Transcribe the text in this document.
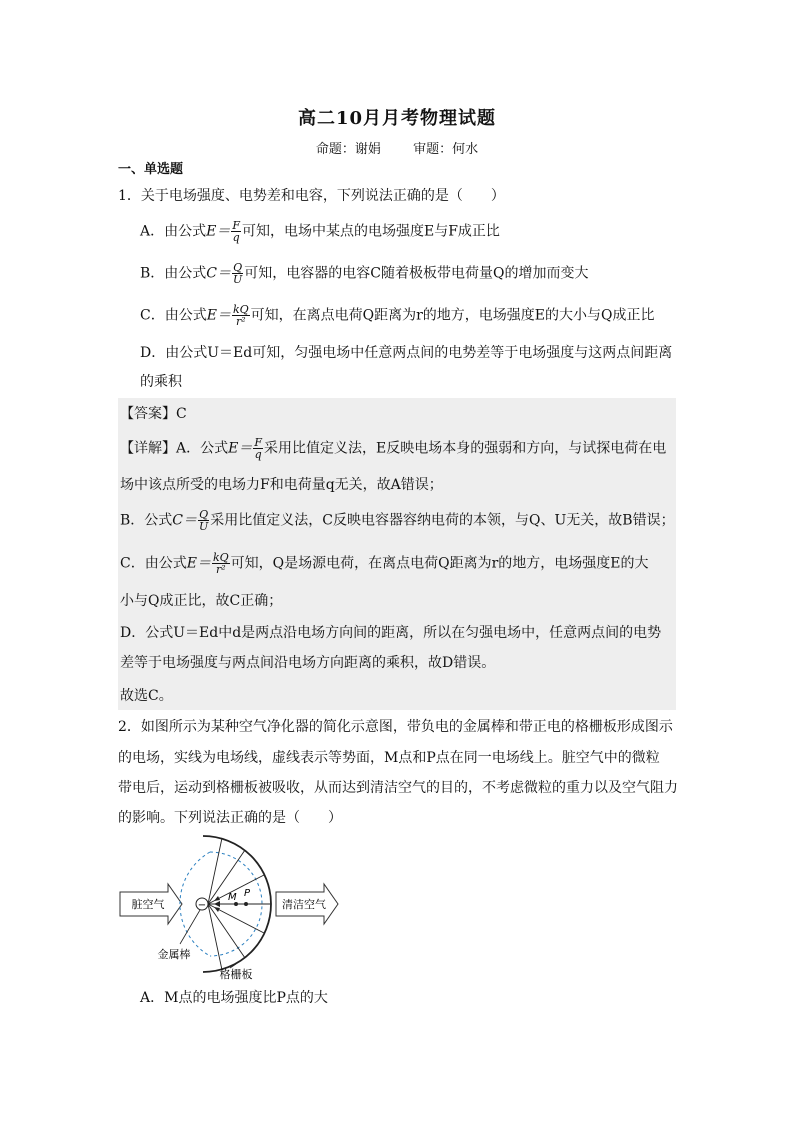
高二10月月考物理试题
命题：谢娟 审题：何水
一、单选题
1．关于电场强度、电势差和电容，下列说法正确的是（　　）
A．由公式$E= \frac{F}{q}$ 可知，电场中某点的电场强度E与F成正比
B．由公式$C= \frac{Q}{U}$ 可知，电容器的电容C随着极板带电荷量Q的增加而变大
C．由公式$E= \frac{kQ}{\text{r²}}$ 可知，在离点电荷Q距离为r的地方，电场强度E的大小与Q成正比
D．由公式U＝Ed可知，匀强电场中任意两点间的电势差等于电场强度与这两点间距离
的乘积
【答案】C
【详解】A．公式$E= \frac{F}{q}$ 采用比值定义法，E反映电场本身的强弱和方向，与试探电荷在电
场中该点所受的电场力F和电荷量q无关，故A错误；
B．公式$C= \frac{Q}{U}$ 采用比值定义法，C反映电容器容纳电荷的本领，与Q、U无关，故B错误；
C．由公式$E= \frac{kQ}{\text{r²}}$ 可知，Q是场源电荷，在离点电荷Q距离为r的地方，电场强度E的大
小与Q成正比，故C正确；
D．公式U＝Ed中d是两点沿电场方向间的距离，所以在匀强电场中，任意两点间的电势
差等于电场强度与两点间沿电场方向距离的乘积，故D错误。
故选C。
2．如图所示为某种空气净化器的简化示意图，带负电的金属棒和带正电的格栅板形成图示
的电场，实线为电场线，虚线表示等势面，M点和P点在同一电场线上。脏空气中的微粒
带电后，运动到格栅板被吸收，从而达到清洁空气的目的，不考虑微粒的重力以及空气阻力
的影响。下列说法正确的是（　　）
脏空气	−
M P
清洁空气
金属棒
格栅板
A．M点的电场强度比P点的大
